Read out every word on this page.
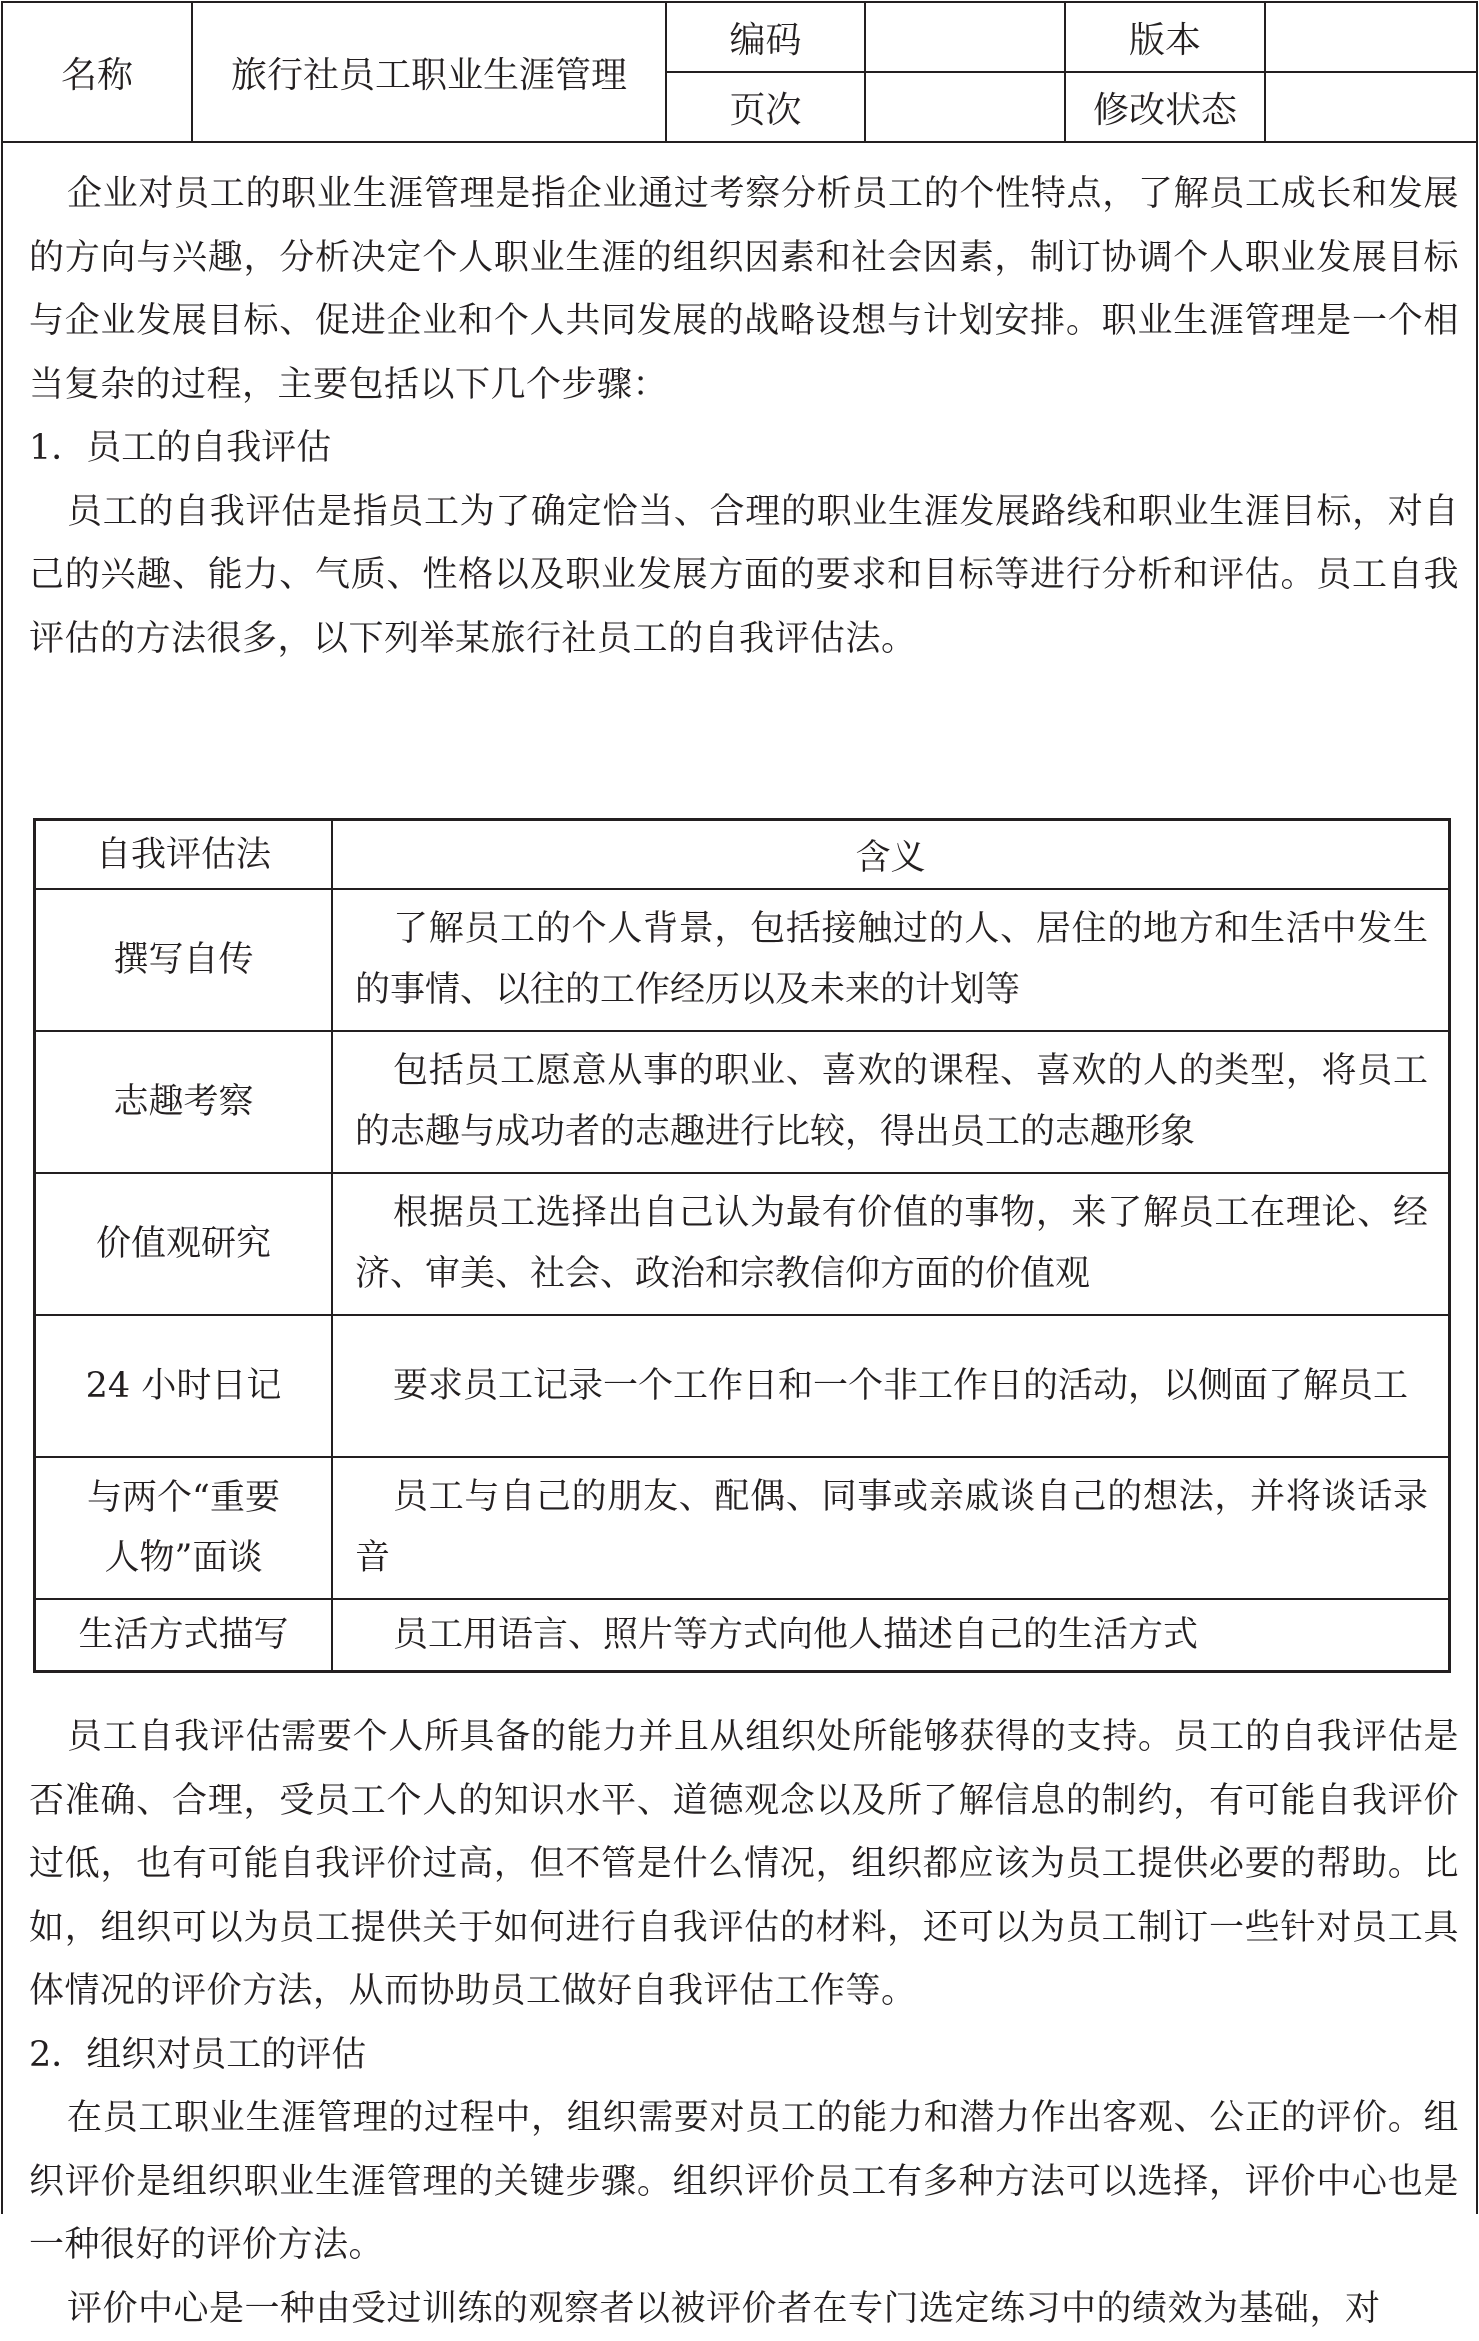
名称	旅行社员工职业生涯管理	编码		版本	
		页次		修改状态	

企业对员工的职业生涯管理是指企业通过考察分析员工的个性特点，了解员工成长和发展的方向与兴趣，分析决定个人职业生涯的组织因素和社会因素，制订协调个人职业发展目标与企业发展目标、促进企业和个人共同发展的战略设想与计划安排。职业生涯管理是一个相当复杂的过程，主要包括以下几个步骤：

1．员工的自我评估

员工的自我评估是指员工为了确定恰当、合理的职业生涯发展路线和职业生涯目标，对自己的兴趣、能力、气质、性格以及职业发展方面的要求和目标等进行分析和评估。员工自我评估的方法很多，以下列举某旅行社员工的自我评估法。

自我评估法	含义
撰写自传	了解员工的个人背景，包括接触过的人、居住的地方和生活中发生的事情、以往的工作经历以及未来的计划等

志趣考察	包括员工愿意从事的职业、喜欢的课程、喜欢的人的类型，将员工的志趣与成功者的志趣进行比较，得出员工的志趣形象

价值观研究	根据员工选择出自己认为最有价值的事物，来了解员工在理论、经济、审美、社会、政治和宗教信仰方面的价值观

24 小时日记	要求员工记录一个工作日和一个非工作日的活动，以侧面了解员工

与两个“重要
人物”面谈	员工与自己的朋友、配偶、同事或亲戚谈自己的想法，并将谈话录音

生活方式描写	员工用语言、照片等方式向他人描述自己的生活方式

员工自我评估需要个人所具备的能力并且从组织处所能够获得的支持。员工的自我评估是否准确、合理，受员工个人的知识水平、道德观念以及所了解信息的制约，有可能自我评价过低，也有可能自我评价过高，但不管是什么情况，组织都应该为员工提供必要的帮助。比如，组织可以为员工提供关于如何进行自我评估的材料，还可以为员工制订一些针对员工具体情况的评价方法，从而协助员工做好自我评估工作等。

2．组织对员工的评估

在员工职业生涯管理的过程中，组织需要对员工的能力和潜力作出客观、公正的评价。组织评价是组织职业生涯管理的关键步骤。组织评价员工有多种方法可以选择，评价中心也是一种很好的评价方法。

评价中心是一种由受过训练的观察者以被评价者在专门选定练习中的绩效为基础，对
